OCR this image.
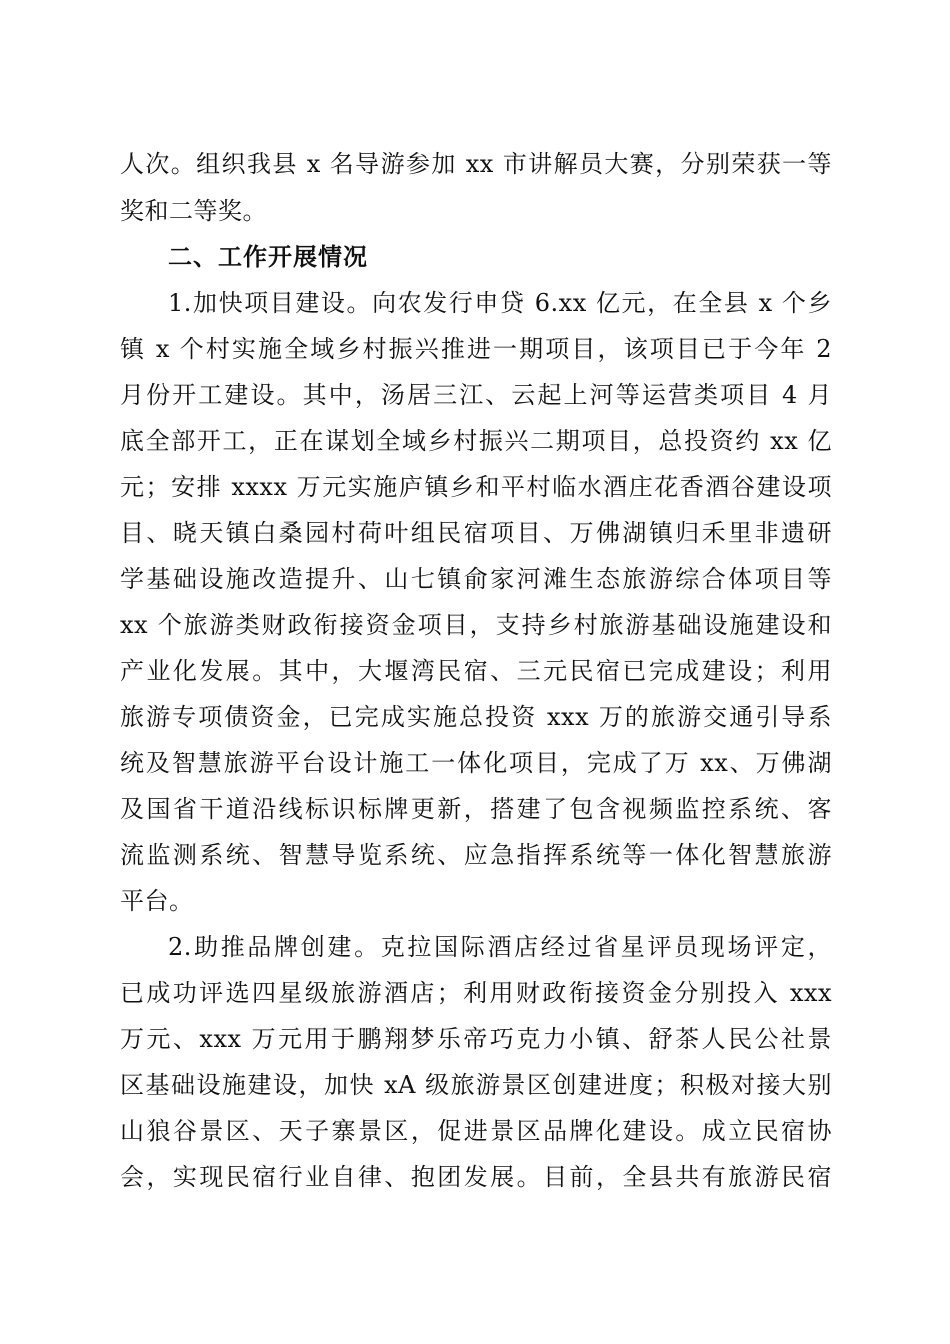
人次。组织我县 x 名导游参加 xx 市讲解员大赛，分别荣获一等
奖和二等奖。
二、工作开展情况
1.加快项目建设。向农发行申贷 6.xx 亿元，在全县 x 个乡
镇 x 个村实施全域乡村振兴推进一期项目，该项目已于今年 2
月份开工建设。其中，汤居三江、云起上河等运营类项目 4 月
底全部开工，正在谋划全域乡村振兴二期项目，总投资约 xx 亿
元；安排 xxxx 万元实施庐镇乡和平村临水酒庄花香酒谷建设项
目、晓天镇白桑园村荷叶组民宿项目、万佛湖镇归禾里非遗研
学基础设施改造提升、山七镇俞家河滩生态旅游综合体项目等
xx 个旅游类财政衔接资金项目，支持乡村旅游基础设施建设和
产业化发展。其中，大堰湾民宿、三元民宿已完成建设；利用
旅游专项债资金，已完成实施总投资 xxx 万的旅游交通引导系
统及智慧旅游平台设计施工一体化项目，完成了万 xx、万佛湖
及国省干道沿线标识标牌更新，搭建了包含视频监控系统、客
流监测系统、智慧导览系统、应急指挥系统等一体化智慧旅游
平台。
2.助推品牌创建。克拉国际酒店经过省星评员现场评定，
已成功评选四星级旅游酒店；利用财政衔接资金分别投入 xxx
万元、xxx 万元用于鹏翔梦乐帝巧克力小镇、舒茶人民公社景
区基础设施建设，加快 xA 级旅游景区创建进度；积极对接大别
山狼谷景区、天子寨景区，促进景区品牌化建设。成立民宿协
会，实现民宿行业自律、抱团发展。目前，全县共有旅游民宿
